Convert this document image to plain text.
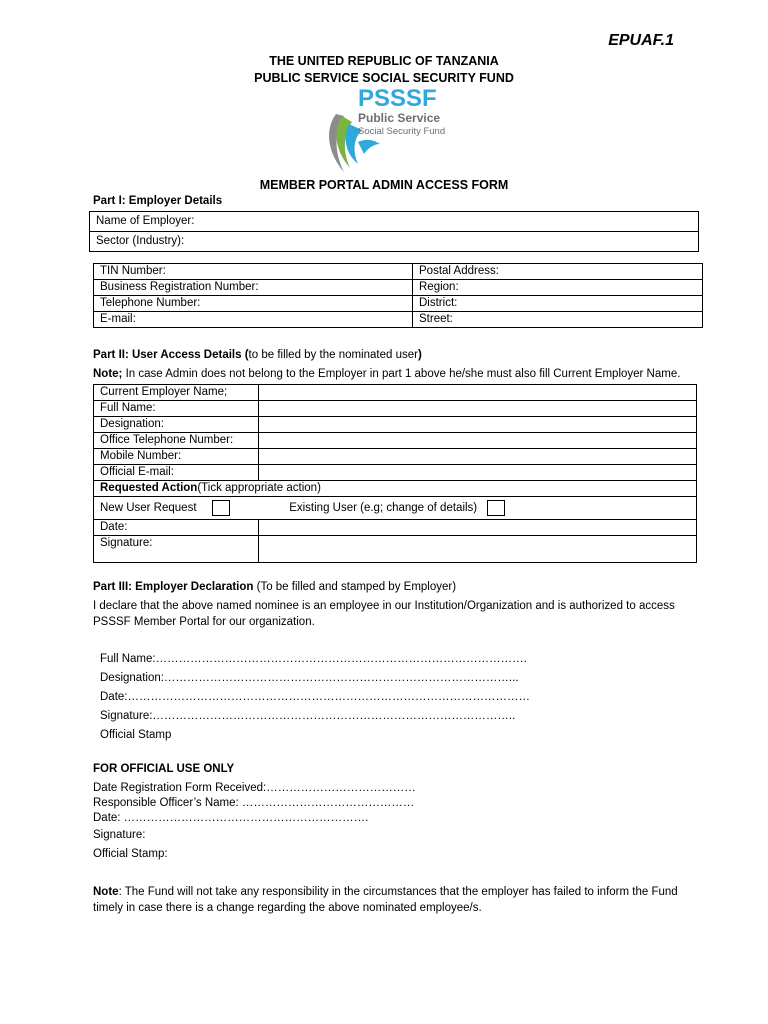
EPUAF.1
THE UNITED REPUBLIC OF TANZANIA
PUBLIC SERVICE SOCIAL SECURITY FUND
PSSSF
Public Service
Social Security Fund
MEMBER PORTAL ADMIN ACCESS FORM
Part I: Employer Details
Name of Employer:
Sector (Industry):
TIN Number:	Postal Address:
Business Registration Number:	Region:
Telephone Number:	District:
E-mail:	Street:
Part II: User Access Details (to be filled by the nominated user)
Note; In case Admin does not belong to the Employer in part 1 above he/she must also fill Current Employer Name.
Current Employer Name;	
Full Name:	
Designation:	
Office Telephone Number:	
Mobile Number:	
Official E-mail:	
Requested Action(Tick appropriate action)	
New User Request Existing User (e.g; change of details)	
Date:	
Signature:	
Part III: Employer Declaration (To be filled and stamped by Employer)
I declare that the above named nominee is an employee in our Institution/Organization and is authorized to access
PSSSF Member Portal for our organization.
Full Name:…………………………………………………………………………………….
Designation:………………………………………………………………………………...
Date:……………………………………………………………………………………………
Signature:…………………………………………………………………………………..
Official Stamp
FOR OFFICIAL USE ONLY
Date Registration Form Received:…………………………………
Responsible Officer’s Name: ………………………………………
Date: ……………………………………………………….
Signature:
Official Stamp:
Note: The Fund will not take any responsibility in the circumstances that the employer has failed to inform the Fund
timely in case there is a change regarding the above nominated employee/s.
